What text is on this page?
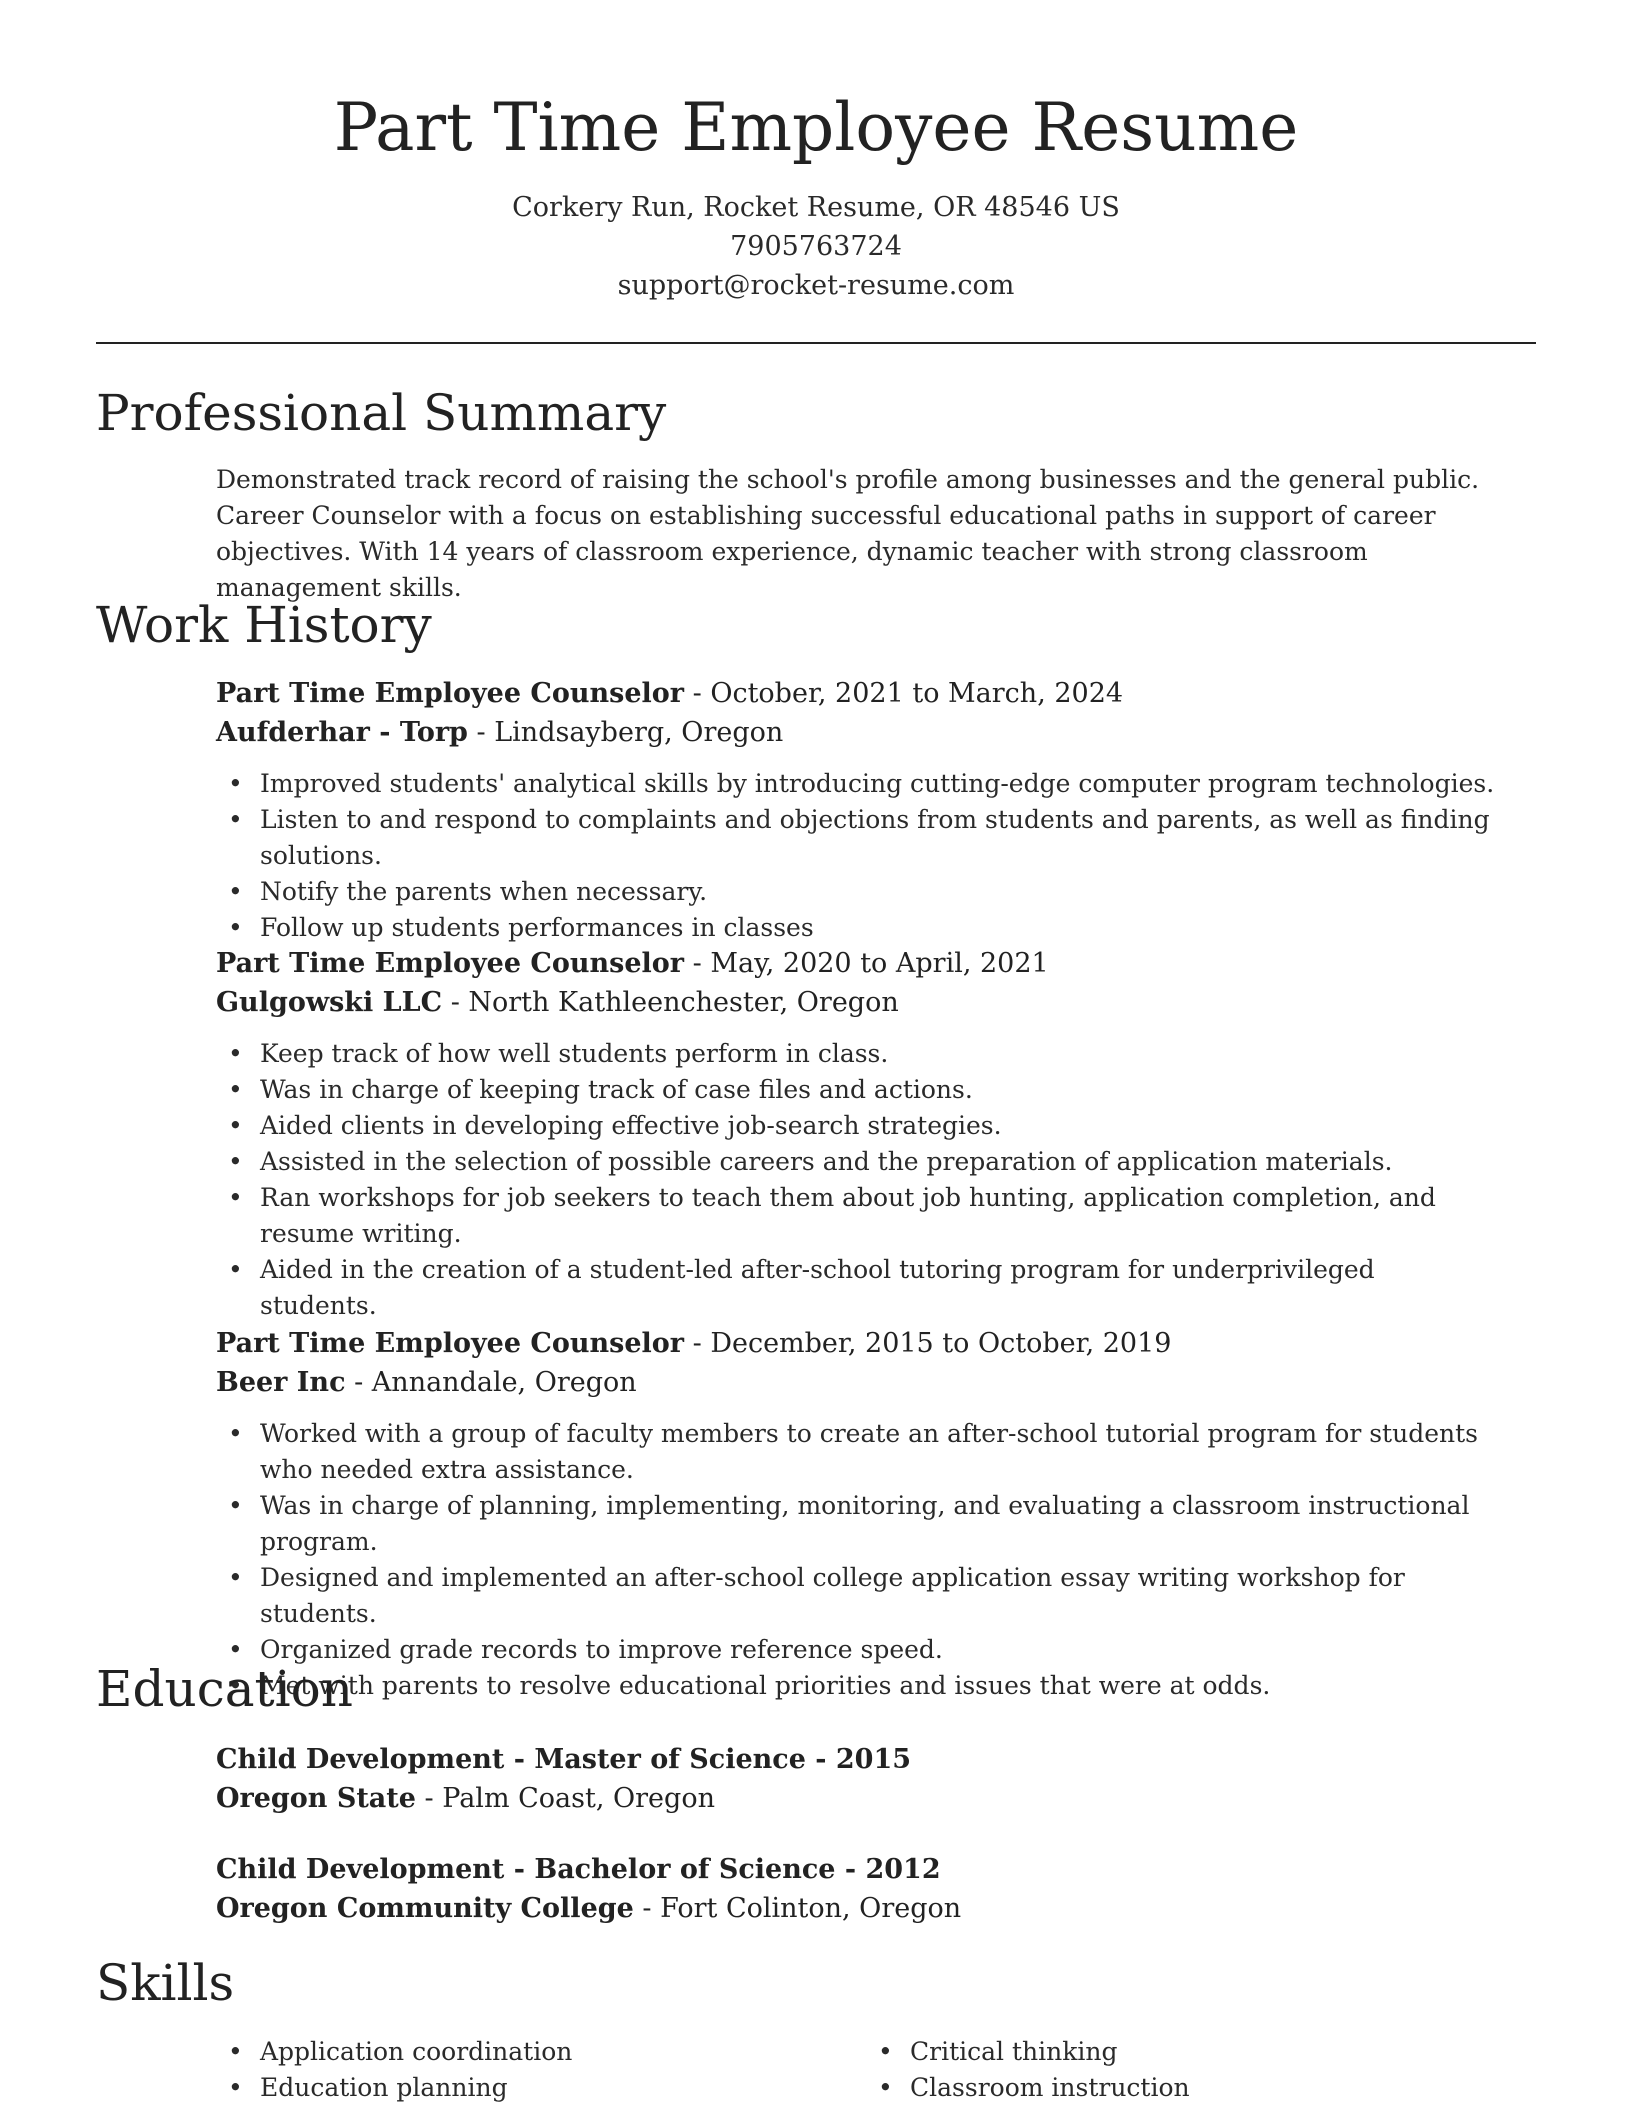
Part Time Employee Resume
Corkery Run, Rocket Resume, OR 48546 US
7905763724
support@rocket-resume.com
Professional Summary
Demonstrated track record of raising the school's profile among businesses and the general public. Career Counselor with a focus on establishing successful educational paths in support of career objectives. With 14 years of classroom experience, dynamic teacher with strong classroom management skills.
Work History
Part Time Employee Counselor - October, 2021 to March, 2024
Aufderhar - Torp - Lindsayberg, Oregon
• Improved students' analytical skills by introducing cutting-edge computer program technologies.
• Listen to and respond to complaints and objections from students and parents, as well as finding solutions.
• Notify the parents when necessary.
• Follow up students performances in classes
Part Time Employee Counselor - May, 2020 to April, 2021
Gulgowski LLC - North Kathleenchester, Oregon
• Keep track of how well students perform in class.
• Was in charge of keeping track of case files and actions.
• Aided clients in developing effective job-search strategies.
• Assisted in the selection of possible careers and the preparation of application materials.
• Ran workshops for job seekers to teach them about job hunting, application completion, and resume writing.
• Aided in the creation of a student-led after-school tutoring program for underprivileged students.
Part Time Employee Counselor - December, 2015 to October, 2019
Beer Inc - Annandale, Oregon
• Worked with a group of faculty members to create an after-school tutorial program for students who needed extra assistance.
• Was in charge of planning, implementing, monitoring, and evaluating a classroom instructional program.
• Designed and implemented an after-school college application essay writing workshop for students.
• Organized grade records to improve reference speed.
• Met with parents to resolve educational priorities and issues that were at odds.
Education
Child Development - Master of Science - 2015
Oregon State - Palm Coast, Oregon
Child Development - Bachelor of Science - 2012
Oregon Community College - Fort Colinton, Oregon
Skills
• Application coordination
• Education planning
• Critical thinking
• Classroom instruction
